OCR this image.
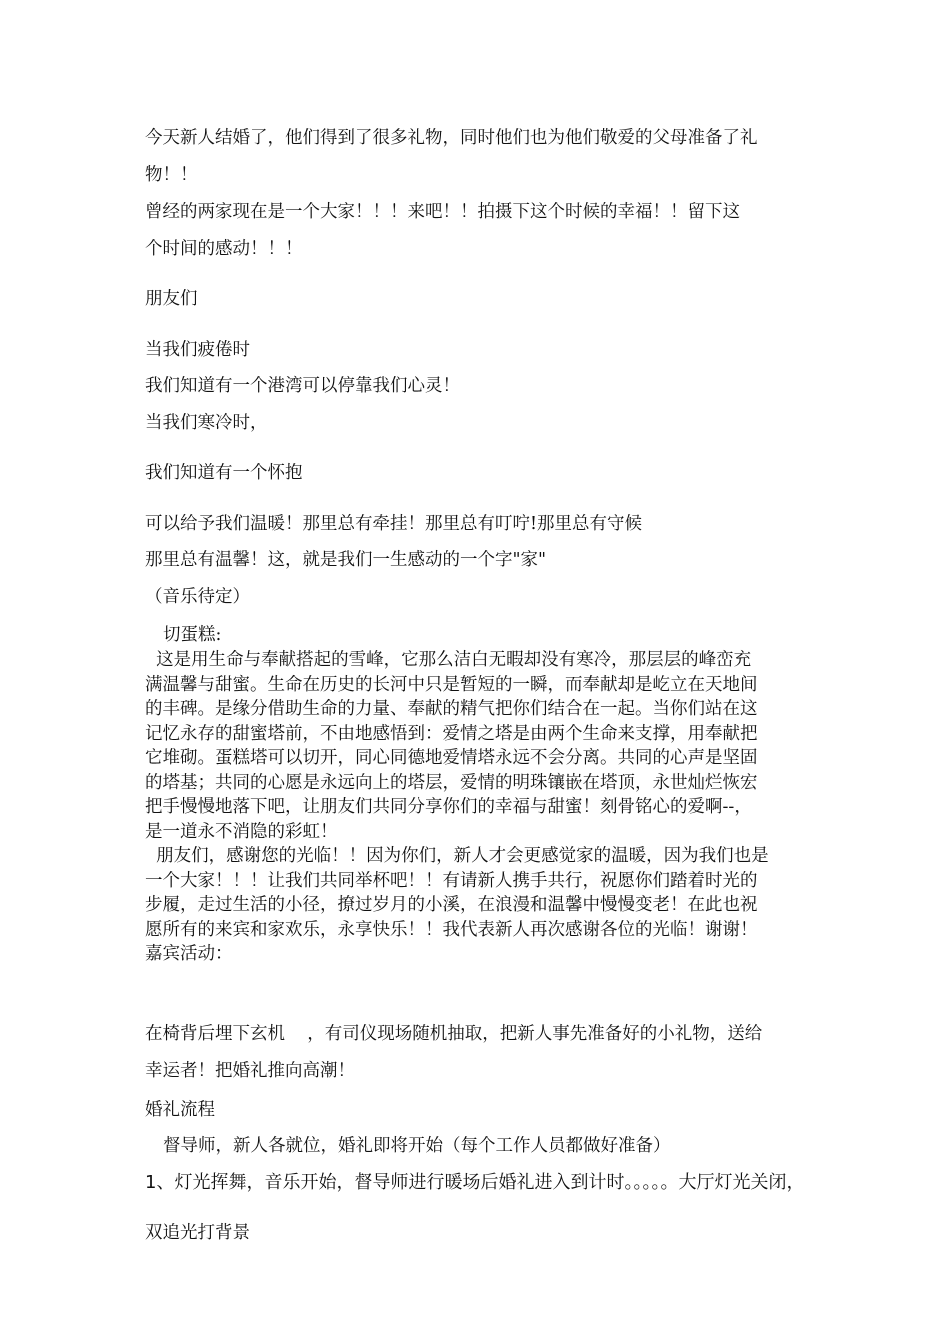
今天新人结婚了，他们得到了很多礼物，同时他们也为他们敬爱的父母准备了礼
物！！
曾经的两家现在是一个大家！！！来吧！！拍摄下这个时候的幸福！！留下这
个时间的感动！！！
朋友们
当我们疲倦时
我们知道有一个港湾可以停靠我们心灵！
当我们寒冷时，
我们知道有一个怀抱
可以给予我们温暖！那里总有牵挂！那里总有叮咛!那里总有守候
那里总有温馨！这，就是我们一生感动的一个字"家"
（音乐待定）
切蛋糕:
这是用生命与奉献搭起的雪峰，它那么洁白无暇却没有寒冷，那层层的峰峦充
满温馨与甜蜜。生命在历史的长河中只是暂短的一瞬，而奉献却是屹立在天地间
的丰碑。是缘分借助生命的力量、奉献的精气把你们结合在一起。当你们站在这
记忆永存的甜蜜塔前，不由地感悟到：爱情之塔是由两个生命来支撑，用奉献把
它堆砌。蛋糕塔可以切开，同心同德地爱情塔永远不会分离。共同的心声是坚固
的塔基；共同的心愿是永远向上的塔层，爱情的明珠镶嵌在塔顶，永世灿烂恢宏
把手慢慢地落下吧，让朋友们共同分享你们的幸福与甜蜜！刻骨铭心的爱啊--，
是一道永不消隐的彩虹！
朋友们，感谢您的光临！！因为你们，新人才会更感觉家的温暖，因为我们也是
一个大家！！！让我们共同举杯吧！！有请新人携手共行，祝愿你们踏着时光的
步履，走过生活的小径，撩过岁月的小溪，在浪漫和温馨中慢慢变老！在此也祝
愿所有的来宾和家欢乐，永享快乐！！我代表新人再次感谢各位的光临！谢谢！
嘉宾活动：
在椅背后埋下玄机    ，有司仪现场随机抽取，把新人事先准备好的小礼物，送给
幸运者！把婚礼推向高潮！
婚礼流程
督导师，新人各就位，婚礼即将开始（每个工作人员都做好准备）
1、灯光挥舞，音乐开始，督导师进行暖场后婚礼进入到计时。。。。。大厅灯光关闭，
双追光打背景
